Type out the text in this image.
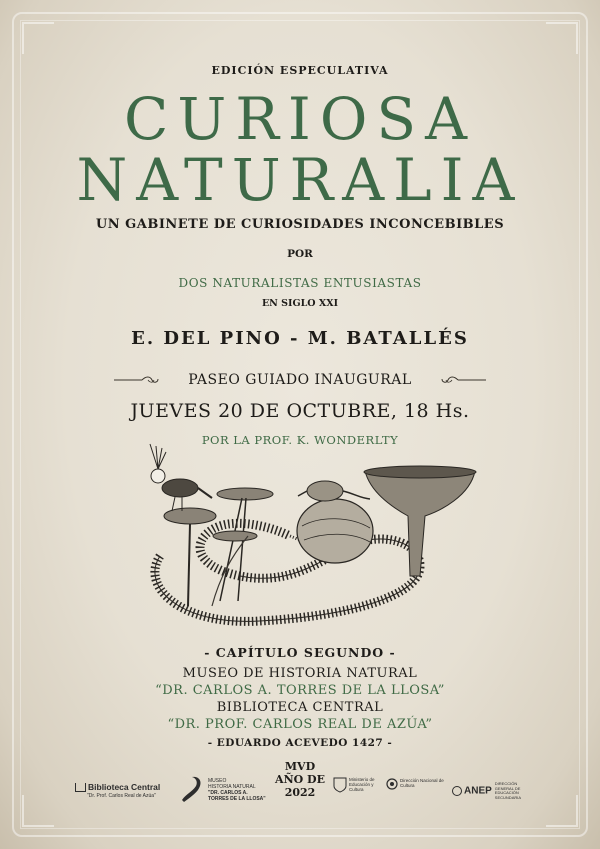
EDICIÓN ESPECULATIVA
CURIOSA
NATURALIA
UN GABINETE DE CURIOSIDADES INCONCEBIBLES
POR
DOS NATURALISTAS ENTUSIASTAS
EN SIGLO XXI
E. DEL PINO - M. BATALLÉS
PASEO GUIADO INAUGURAL
JUEVES 20 DE OCTUBRE, 18 Hs.
POR LA PROF. K. WONDERLTY
- CAPÍTULO SEGUNDO -
MUSEO DE HISTORIA NATURAL
“DR. CARLOS A. TORRES DE LA LLOSA”
BIBLIOTECA CENTRAL
“DR. PROF. CARLOS REAL DE AZÚA”
- EDUARDO ACEVEDO 1427 -
MVD
AÑO DE
2022
Biblioteca Central
"Dr. Prof. Carlos Real de Azúa"
MUSEO
HISTORIA NATURAL
"DR. CARLOS A.
TORRES DE LA LLOSA"
Ministerio de Educación y Cultura
Dirección Nacional de Cultura
ANEPDIRECCIÓN GENERAL DE EDUCACIÓN SECUNDARIA
